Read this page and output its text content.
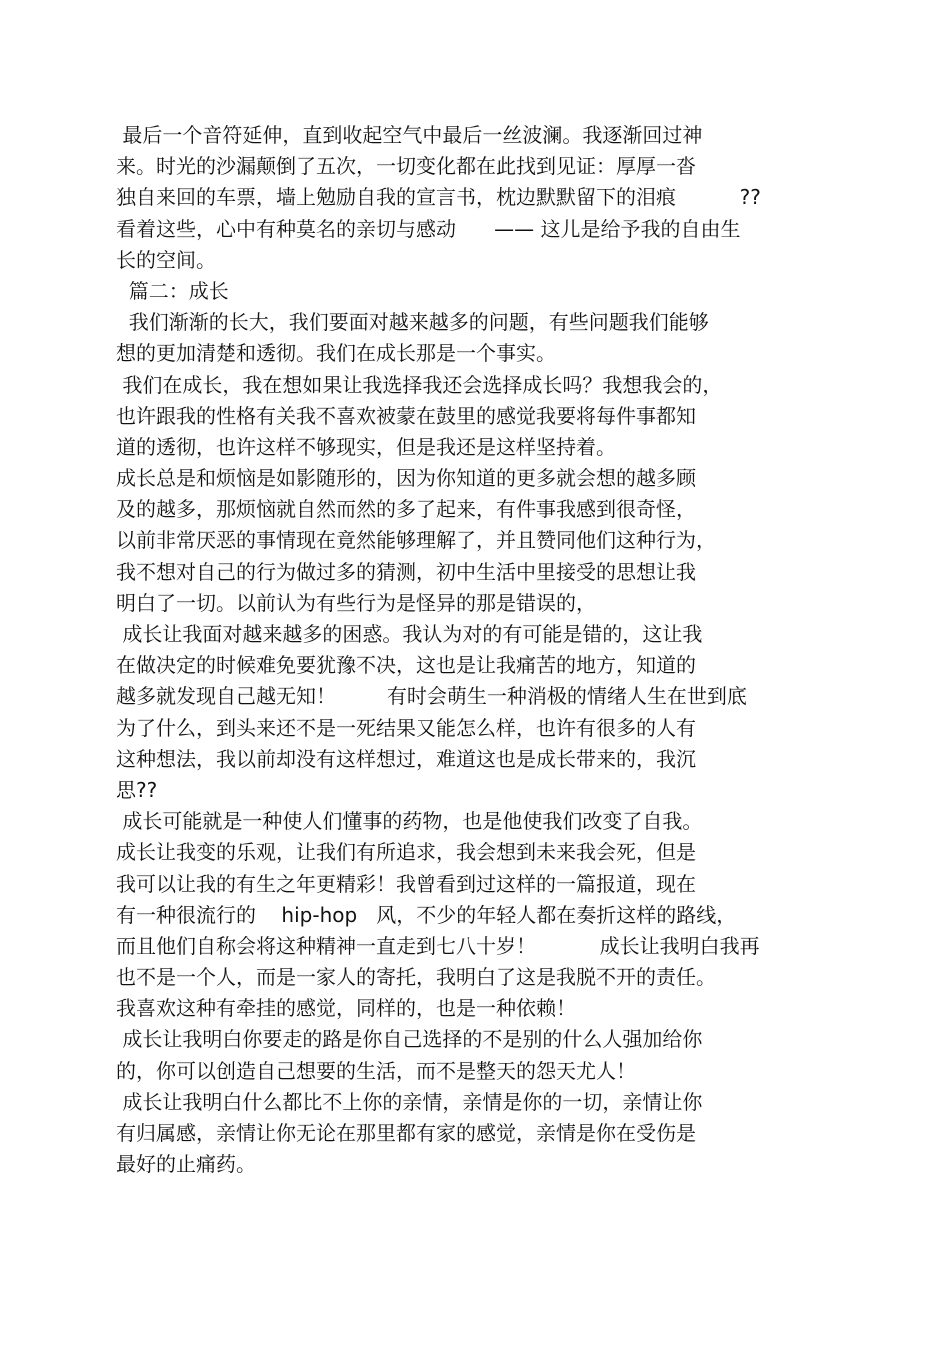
最后一个音符延伸，直到收起空气中最后一丝波澜。我逐渐回过神
来。时光的沙漏颠倒了五次，一切变化都在此找到见证：厚厚一沓
独自来回的车票，墙上勉励自我的宣言书，枕边默默留下的泪痕          ??
看着这些，心中有种莫名的亲切与感动      —— 这儿是给予我的自由生
长的空间。
篇二：成长
我们渐渐的长大，我们要面对越来越多的问题，有些问题我们能够
想的更加清楚和透彻。我们在成长那是一个事实。
我们在成长，我在想如果让我选择我还会选择成长吗？我想我会的，
也许跟我的性格有关我不喜欢被蒙在鼓里的感觉我要将每件事都知
道的透彻，也许这样不够现实，但是我还是这样坚持着。
成长总是和烦恼是如影随形的，因为你知道的更多就会想的越多顾
及的越多，那烦恼就自然而然的多了起来，有件事我感到很奇怪，
以前非常厌恶的事情现在竟然能够理解了，并且赞同他们这种行为，
我不想对自己的行为做过多的猜测，初中生活中里接受的思想让我
明白了一切。以前认为有些行为是怪异的那是错误的，
成长让我面对越来越多的困惑。我认为对的有可能是错的，这让我
在做决定的时候难免要犹豫不决，这也是让我痛苦的地方，知道的
越多就发现自己越无知！        有时会萌生一种消极的情绪人生在世到底
为了什么，到头来还不是一死结果又能怎么样，也许有很多的人有
这种想法，我以前却没有这样想过，难道这也是成长带来的，我沉
思??
成长可能就是一种使人们懂事的药物，也是他使我们改变了自我。
成长让我变的乐观，让我们有所追求，我会想到未来我会死，但是
我可以让我的有生之年更精彩！我曾看到过这样的一篇报道，现在
有一种很流行的    hip-hop   风，不少的年轻人都在奏折这样的路线，
而且他们自称会将这种精神一直走到七八十岁！          成长让我明白我再
也不是一个人，而是一家人的寄托，我明白了这是我脱不开的责任。
我喜欢这种有牵挂的感觉，同样的，也是一种依赖！
成长让我明白你要走的路是你自己选择的不是别的什么人强加给你
的，你可以创造自己想要的生活，而不是整天的怨天尤人！
成长让我明白什么都比不上你的亲情，亲情是你的一切，亲情让你
有归属感，亲情让你无论在那里都有家的感觉，亲情是你在受伤是
最好的止痛药。
